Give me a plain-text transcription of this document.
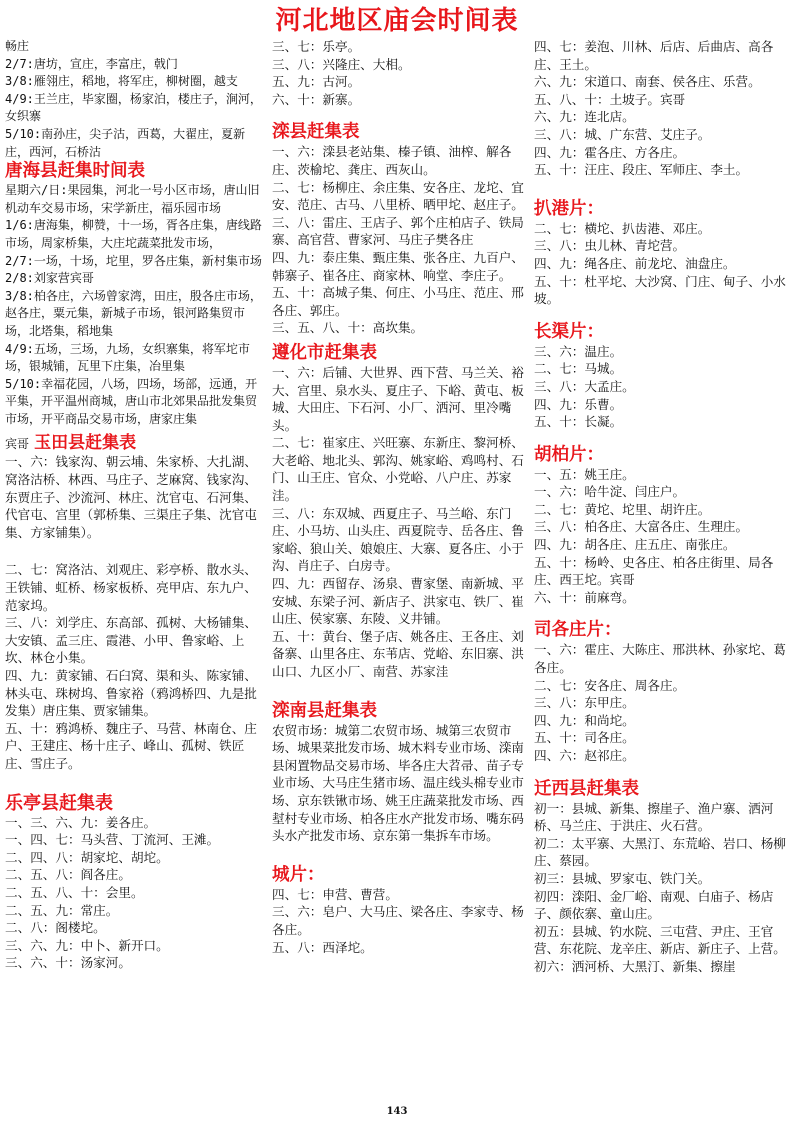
河北地区庙会时间表

畅庄

2/7:唐坊，宣庄，李富庄，戟门

3/8:雁翎庄，稻地，将军庄，柳树圈，越支

4/9:王兰庄，毕家圈，杨家泊，楼庄子，涧河，女织寨

5/10:南孙庄，尖子沽，西葛，大翟庄，夏新庄，西河，石桥沽

唐海县赶集时间表

星期六/日:果园集，河北一号小区市场，唐山旧机动车交易市场，宋学新庄，福乐园市场

1/6:唐海集，柳赞，十一场，胥各庄集，唐线路市场，周家桥集，大庄坨蔬菜批发市场，

2/7:一场，十场，坨里，罗各庄集，新村集市场

2/8:刘家营宾哥

3/8:柏各庄，六场曾家湾，田庄，殷各庄市场，赵各庄，粟元集，新城子市场，银河路集贸市场，北塔集，稻地集

4/9:五场，三场，九场，女织寨集，将军坨市场，银城铺，瓦里下庄集，冶里集

5/10:幸福花园，八场，四场，场部，远通，开平集，开平温州商城，唐山市北郊果品批发集贸市场，开平商品交易市场，唐家庄集

宾哥 玉田县赶集表

一、六：钱家沟、朝云埔、朱家桥、大扎湖、窝洛沽桥、林西、马庄子、芝麻窝、钱家沟、东贾庄子、沙流河、林庄、沈官屯、石河集、代官屯、宫里（郭桥集、三渠庄子集、沈官屯集、方家铺集）。

二、七：窝洛沽、刘观庄、彩亭桥、散水头、王铁铺、虹桥、杨家板桥、亮甲店、东九户、范家坞。

三、八：刘学庄、东高部、孤树、大杨铺集、大安镇、孟三庄、霞港、小甲、鲁家峪、上坎、林仓小集。

四、九：黄家铺、石臼窝、渠和头、陈家铺、林头屯、珠树坞、鲁家裕（鸦鸿桥四、九是批发集）唐庄集、贾家铺集。

五、十：鸦鸿桥、魏庄子、马营、林南仓、庄户、王建庄、杨十庄子、峰山、孤树、铁匠庄、雪庄子。

乐亭县赶集表

一、三、六、九：姜各庄。

一、四、七：马头营、丁流河、王滩。

二、四、八：胡家坨、胡坨。

二、五、八：阎各庄。

二、五、八、十：会里。

二、五、九：常庄。

二、八：阁楼坨。

三、六、九：中卜、新开口。

三、六、十：汤家河。

三、七：乐亭。

三、八：兴隆庄、大相。

五、九：古河。

六、十：新寨。

滦县赶集表

一、六：滦县老站集、榛子镇、油榨、解各庄、茨榆坨、龚庄、西灰山。

二、七：杨柳庄、余庄集、安各庄、龙坨、宜安、范庄、古马、八里桥、晒甲坨、赵庄子。

三、八：雷庄、王店子、郭个庄柏店子、铁局寨、高官营、曹家河、马庄子樊各庄

四、九：泰庄集、甄庄集、张各庄、九百户、韩寨子、崔各庄、商家林、响堂、李庄子。

五、十：高城子集、何庄、小马庄、范庄、邢各庄、郭庄。

三、五、八、十：高坎集。

遵化市赶集表

一、六：后铺、大世界、西下营、马兰关、裕大、宫里、泉水头、夏庄子、下峪、黄屯、板城、大田庄、下石河、小厂、洒河、里冷嘴头。

二、七：崔家庄、兴旺寨、东新庄、黎河桥、大老峪、地北头、郭沟、姚家峪、鸡鸣村、石门、山王庄、官众、小党峪、八户庄、苏家洼。

三、八：东双城、西夏庄子、马兰峪、东门庄、小马坊、山头庄、西夏院寺、岳各庄、鲁家峪、狼山关、娘娘庄、大寨、夏各庄、小于沟、肖庄子、白房寺。

四、九：西留存、汤泉、曹家堡、南新城、平安城、东梁子河、新店子、洪家屯、铁厂、崔山庄、侯家寨、东陵、义井铺。

五、十：黄台、堡子店、姚各庄、王各庄、刘备寨、山里各庄、东苇店、党峪、东旧寨、洪山口、九区小厂、南营、苏家洼

滦南县赶集表

农贸市场：城第二农贸市场、城第三农贸市场、城果菜批发市场、城木料专业市场、滦南县闲置物品交易市场、毕各庄大苕帚、苗子专业市场、大马庄生猪市场、温庄线头棉专业市场、京东铁锹市场、姚王庄蔬菜批发市场、西堼村专业市场、柏各庄水产批发市场、嘴东码头水产批发市场、京东第一集拆车市场。

城片：

四、七：申营、曹营。

三、六：皂户、大马庄、梁各庄、李家寺、杨各庄。

五、八：西泽坨。

四、七：姜泡、川林、后店、后曲店、高各庄、王土。

六、九：宋道口、南套、侯各庄、乐营。

五、八、十：土坡子。宾哥

六、九：连北店。

三、八：城、广东营、艾庄子。

四、九：霍各庄、方各庄。

五、十：汪庄、段庄、军师庄、李土。

扒港片：

二、七：横坨、扒齿港、邓庄。

三、八：虫儿林、青坨营。

四、九：绳各庄、前龙坨、油盘庄。

五、十：杜平坨、大沙窝、门庄、甸子、小水坡。

长渠片：

三、六：温庄。

二、七：马城。

三、八：大孟庄。

四、九：乐曹。

五、十：长凝。

胡柏片：

一、五：姚王庄。

一、六：哈牛淀、闫庄户。

二、七：黄坨、坨里、胡许庄。

三、八：柏各庄、大富各庄、生理庄。

四、九：胡各庄、庄五庄、南张庄。

五、十：杨岭、史各庄、柏各庄街里、局各庄、西王坨。宾哥

六、十：前麻弯。

司各庄片：

一、六：霍庄、大陈庄、邢洪林、孙家坨、葛各庄。

二、七：安各庄、周各庄。

三、八：东甲庄。

四、九：和尚坨。

五、十：司各庄。

四、六：赵祁庄。

迁西县赶集表

初一：县城、新集、擦崖子、渔户寨、洒河桥、马兰庄、于洪庄、火石营。

初二：太平寨、大黑汀、东荒峪、岩口、杨柳庄、蔡园。

初三：县城、罗家屯、铁门关。

初四：滦阳、金厂峪、南观、白庙子、杨店子、颜依寨、童山庄。

初五：县城、钓水院、三屯营、尹庄、王官营、东花院、龙辛庄、新店、新庄子、上营。

初六：洒河桥、大黑汀、新集、擦崖

143
